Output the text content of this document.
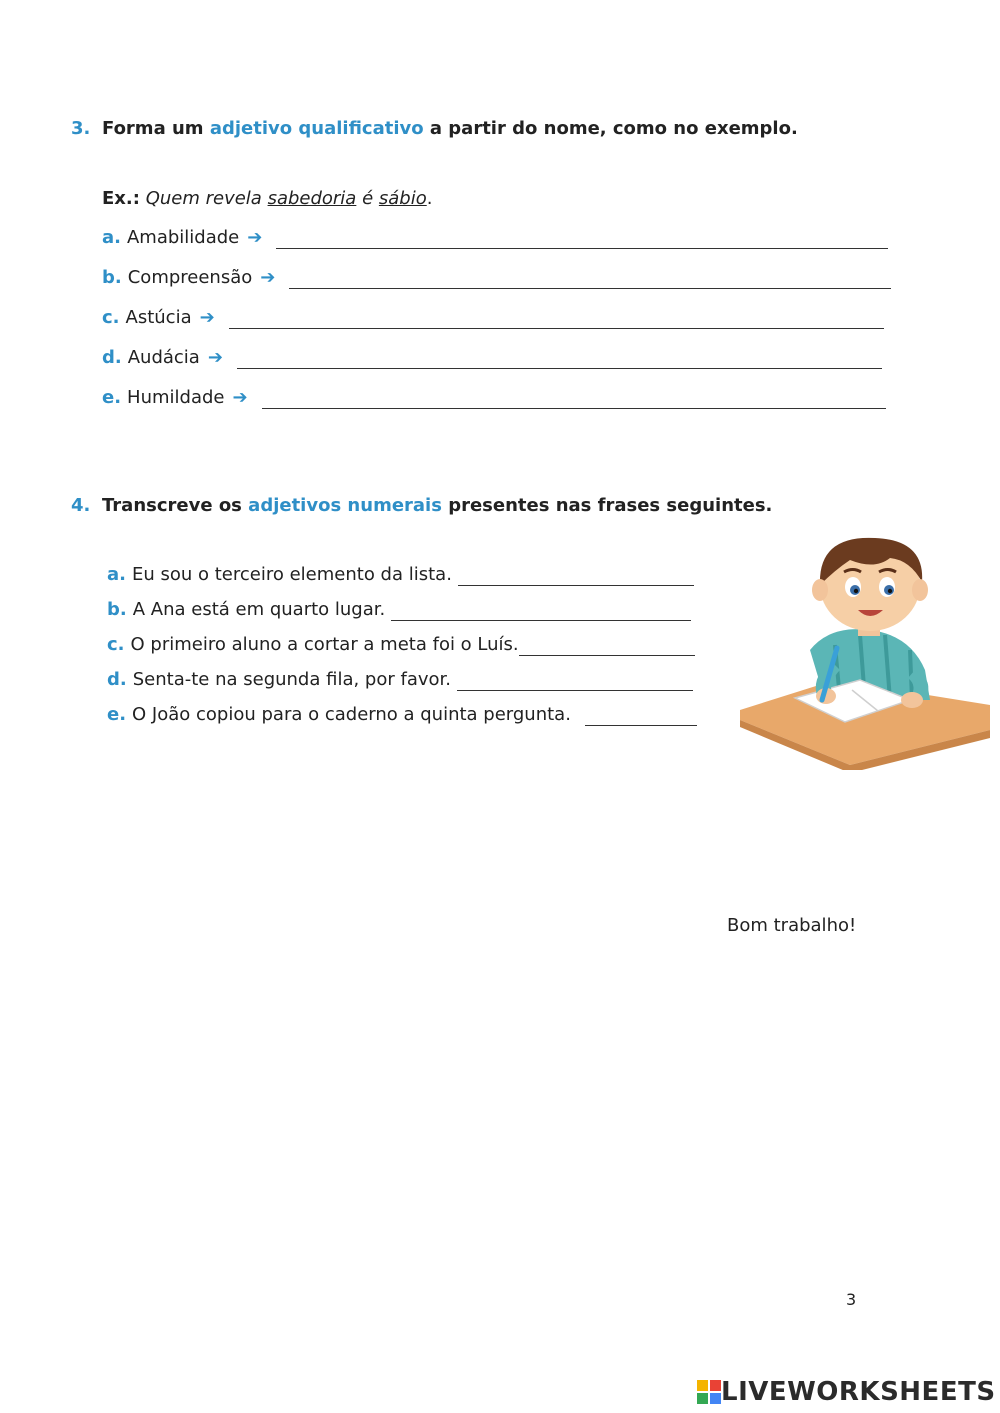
3. Forma um adjetivo qualificativo a partir do nome, como no exemplo.
Ex.: Quem revela sabedoria é sábio.
a. Amabilidade ➔
b. Compreensão ➔
c. Astúcia ➔
d. Audácia ➔
e. Humildade ➔
4. Transcreve os adjetivos numerais presentes nas frases seguintes.
a. Eu sou o terceiro elemento da lista.
b. A Ana está em quarto lugar.
c. O primeiro aluno a cortar a meta foi o Luís.
d. Senta-te na segunda fila, por favor.
e. O João copiou para o caderno a quinta pergunta.
Bom trabalho!
3
LIVEWORKSHEETS
